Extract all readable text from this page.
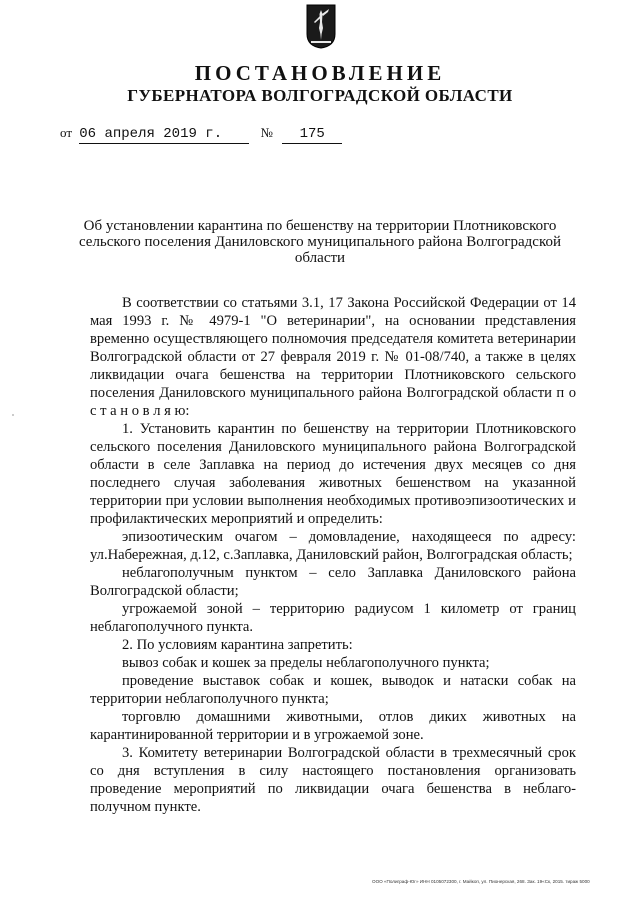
ПОСТАНОВЛЕНИЕ
ГУБЕРНАТОРА ВОЛГОГРАДСКОЙ ОБЛАСТИ
от 06 апреля 2019 г.	№ 175
Об установлении карантина по бешенству на территории Плотниковского сельского поселения Даниловского муниципального района Волгоградской области

В соответствии со статьями 3.1, 17 Закона Российской Федерации от 14 мая 1993 г. № 4979-1 "О ветеринарии", на основании представления временно осуществляющего полномочия председателя комитета ветеринарии Волгоградской области от 27 февраля 2019 г. № 01-08/740, а также в целях ликвидации очага бешенства на территории Плотниковского сельского поселения Даниловского муниципального района Волгоградской области п о с т а н о в л я ю:

1. Установить карантин по бешенству на территории Плотниковского сельского поселения Даниловского муниципального района Волгоградской области в селе Заплавка на период до истечения двух месяцев со дня последнего случая заболевания животных бешенством на указанной территории при условии выполнения необходимых противоэпизоотических и профилактических мероприятий и определить:

эпизоотическим очагом – домовладение, находящееся по адресу: ул.Набережная, д.12, с.Заплавка, Даниловский район, Волгоградская область;

неблагополучным пунктом – село Заплавка Даниловского района Волгоградской области;

угрожаемой зоной – территорию радиусом 1 километр от границ неблагополучного пункта.

2. По условиям карантина запретить:

вывоз собак и кошек за пределы неблагополучного пункта;

проведение выставок собак и кошек, выводок и натаски собак на территории неблагополучного пункта;

торговлю домашними животными, отлов диких животных на карантинированной территории и в угрожаемой зоне.

3. Комитету ветеринарии Волгоградской области в трехмесячный срок со дня вступления в силу настоящего постановления организовать проведение мероприятий по ликвидации очага бешенства в неблаго-получном пункте.

ООО «Полиграф-Юг» ИНН 0105072300, г. Майкоп, ул. Пионерская, 268. Зак. 19«Ск, 2015. тираж 5000
